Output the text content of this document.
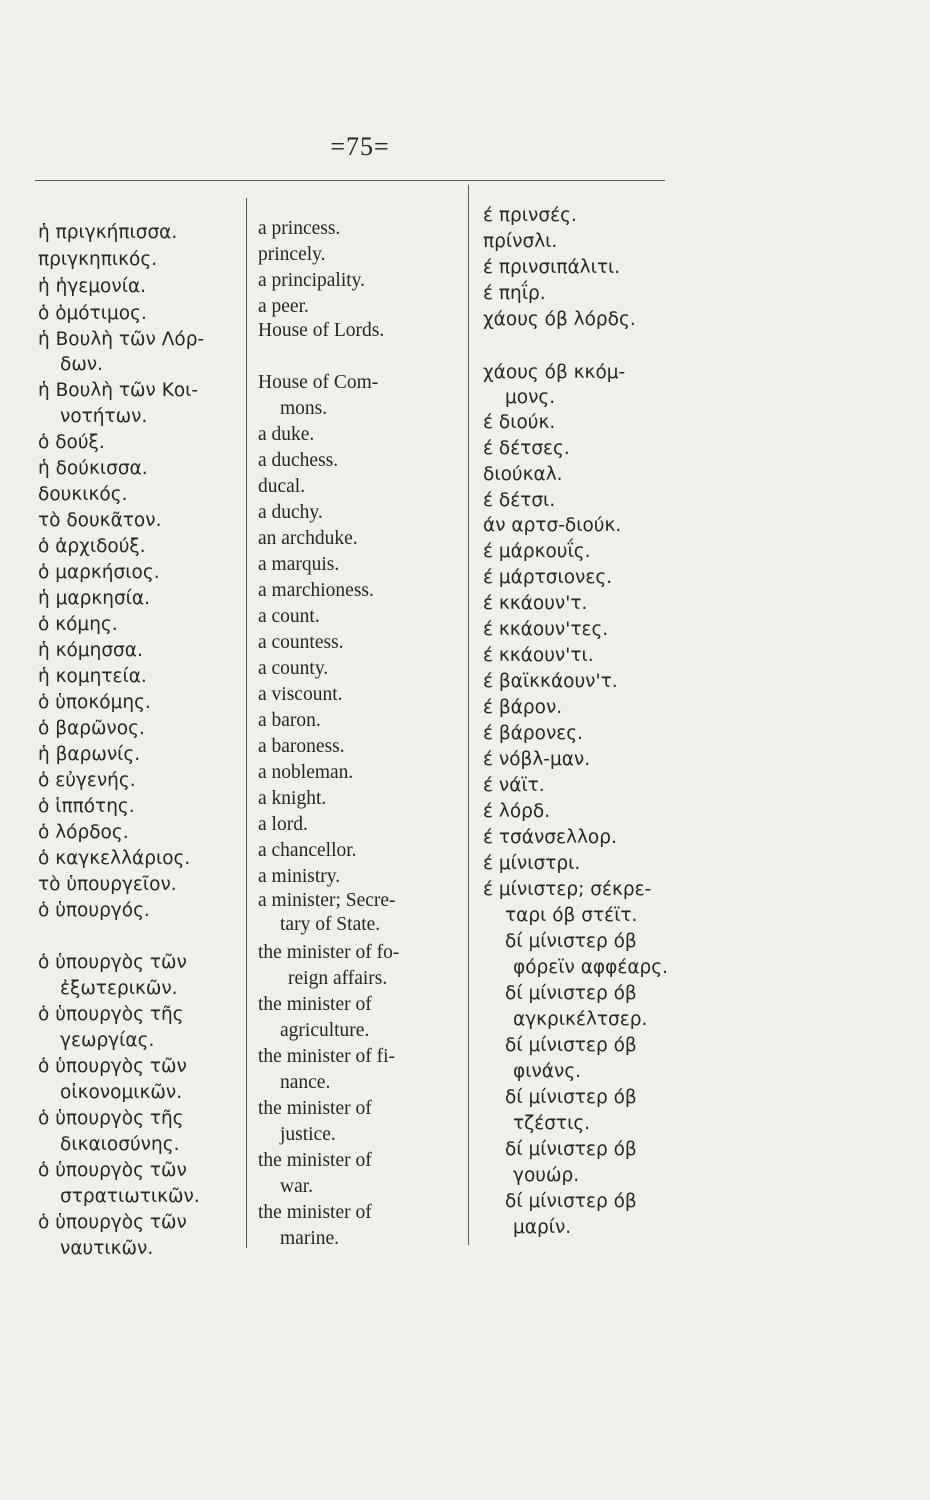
=75=
ἡ πριγκήπισσα.
πριγκηπικός.
ἡ ἡγεμονία.
ὁ ὁμότιμος.
ἡ Βουλὴ τῶν Λόρ-
δων.
ἡ Βουλὴ τῶν Κοι-
νοτήτων.
ὁ δούξ.
ἡ δούκισσα.
δουκικός.
τὸ δουκᾶτον.
ὁ ἀρχιδούξ.
ὁ μαρκήσιος.
ἡ μαρκησία.
ὁ κόμης.
ἡ κόμησσα.
ἡ κομητεία.
ὁ ὑποκόμης.
ὁ βαρῶνος.
ἡ βαρωνίς.
ὁ εὐγενής.
ὁ ἱππότης.
ὁ λόρδος.
ὁ καγκελλάριος.
τὸ ὑπουργεῖον.
ὁ ὑπουργός.
ὁ ὑπουργὸς τῶν
ἐξωτερικῶν.
ὁ ὑπουργὸς τῆς
γεωργίας.
ὁ ὑπουργὸς τῶν
οἰκονομικῶν.
ὁ ὑπουργὸς τῆς
δικαιοσύνης.
ὁ ὑπουργὸς τῶν
στρατιωτικῶν.
ὁ ὑπουργὸς τῶν
ναυτικῶν.
a princess.
princely.
a principality.
a peer.
House of Lords.
House of Com-
mons.
a duke.
a duchess.
ducal.
a duchy.
an archduke.
a marquis.
a marchioness.
a count.
a countess.
a county.
a viscount.
a baron.
a baroness.
a nobleman.
a knight.
a lord.
a chancellor.
a ministry.
a minister; Secre-
tary of State.
the minister of fo-
reign affairs.
the minister of
agriculture.
the minister of fi-
nance.
the minister of
justice.
the minister of
war.
the minister of
marine.
έ πρινσές.
πρίνσλι.
έ πρινσιπάλιτι.
έ πηΐρ.
χάους όβ λόρδς.
χάους όβ κκόμ-
μονς.
έ διούκ.
έ δέτσες.
διούκαλ.
έ δέτσι.
άν αρτσ-διούκ.
έ μάρκουΐς.
έ μάρτσιονες.
έ κκάουν'τ.
έ κκάουν'τες.
έ κκάουν'τι.
έ βαϊκκάουν'τ.
έ βάρον.
έ βάρονες.
έ νόβλ-μαν.
έ νάϊτ.
έ λόρδ.
έ τσάνσελλορ.
έ μίνιστρι.
έ μίνιστερ; σέκρε-
ταρι όβ στέϊτ.
δί μίνιστερ όβ
φόρεϊν αφφέαρς.
δί μίνιστερ όβ
αγκρικέλτσερ.
δί μίνιστερ όβ
φινάνς.
δί μίνιστερ όβ
τζέστις.
δί μίνιστερ όβ
γουώρ.
δί μίνιστερ όβ
μαρίν.
